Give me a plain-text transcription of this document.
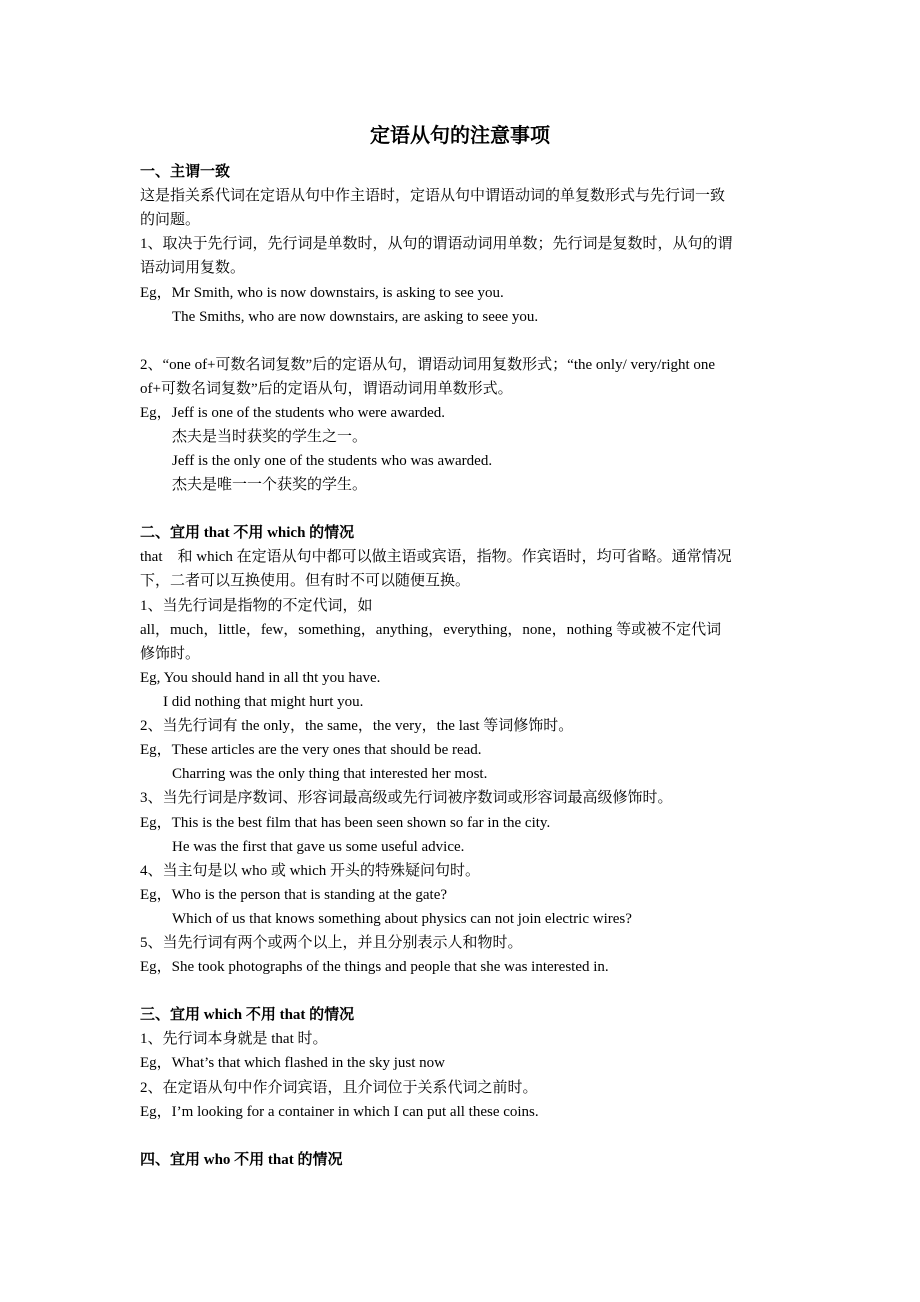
定语从句的注意事项
一、主谓一致
这是指关系代词在定语从句中作主语时，定语从句中谓语动词的单复数形式与先行词一致
的问题。
1、取决于先行词，先行词是单数时，从句的谓语动词用单数；先行词是复数时，从句的谓
语动词用复数。
Eg，Mr Smith, who is now downstairs, is asking to see you.
The Smiths, who are now downstairs, are asking to seee you.
2、“one of+可数名词复数”后的定语从句，谓语动词用复数形式；“the only/ very/right one
of+可数名词复数”后的定语从句，谓语动词用单数形式。
Eg，Jeff is one of the students who were awarded.
杰夫是当时获奖的学生之一。
Jeff is the only one of the students who was awarded.
杰夫是唯一一个获奖的学生。
二、宜用 that 不用 which 的情况
that　和 which 在定语从句中都可以做主语或宾语，指物。作宾语时，均可省略。通常情况
下，二者可以互换使用。但有时不可以随便互换。
1、当先行词是指物的不定代词，如
all，much，little，few，something，anything，everything，none，nothing 等或被不定代词
修饰时。
Eg, You should hand in all tht you have.
I did nothing that might hurt you.
2、当先行词有 the only，the same，the very，the last 等词修饰时。
Eg，These articles are the very ones that should be read.
Charring was the only thing that interested her most.
3、当先行词是序数词、形容词最高级或先行词被序数词或形容词最高级修饰时。
Eg，This is the best film that has been seen shown so far in the city.
He was the first that gave us some useful advice.
4、当主句是以 who 或 which 开头的特殊疑问句时。
Eg，Who is the person that is standing at the gate?
Which of us that knows something about physics can not join electric wires?
5、当先行词有两个或两个以上，并且分别表示人和物时。
Eg，She took photographs of the things and people that she was interested in.
三、宜用 which 不用 that 的情况
1、先行词本身就是 that 时。
Eg，What’s that which flashed in the sky just now
2、在定语从句中作介词宾语，且介词位于关系代词之前时。
Eg，I’m looking for a container in which I can put all these coins.
四、宜用 who 不用 that 的情况
